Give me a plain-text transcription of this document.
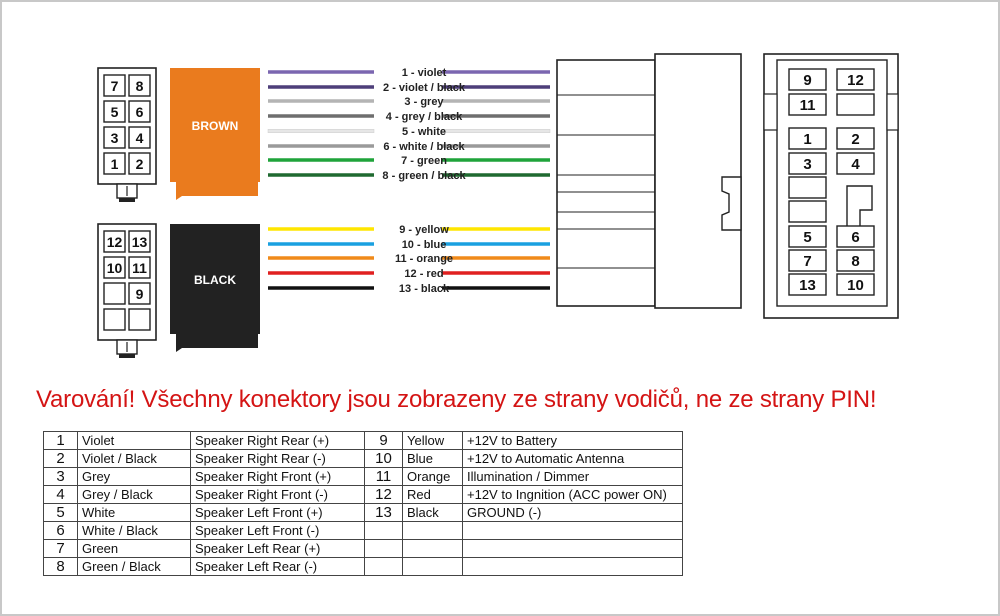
7 8
5 6
3 4
1 2
12 13
10 11
9
BROWN
BLACK
1 - violet
2 - violet / black
3 - grey
4 - grey / black
5 - white
6 - white / black
7 - green
8 - green / black
9 - yellow
10 - blue
11 - orange
12 - red
13 - black
9 12
11
1	2
3	4
5	6
7	8
13 10
Varování! Všechny konektory jsou zobrazeny ze strany vodičů, ne ze strany PIN!
1	Violet	Speaker Right Rear (+)	9	Yellow	+12V to Battery
2	Violet / Black	Speaker Right Rear (-)	10	Blue	+12V to Automatic Antenna
3	Grey	Speaker Right Front (+)	11	Orange	Illumination / Dimmer
4	Grey / Black	Speaker Right Front (-)	12	Red	+12V to Ingnition (ACC power ON)
5	White	Speaker Left Front (+)	13	Black	GROUND (-)
6	White / Black	Speaker Left Front (-)			
7	Green	Speaker Left Rear (+)			
8	Green / Black	Speaker Left Rear (-)			
